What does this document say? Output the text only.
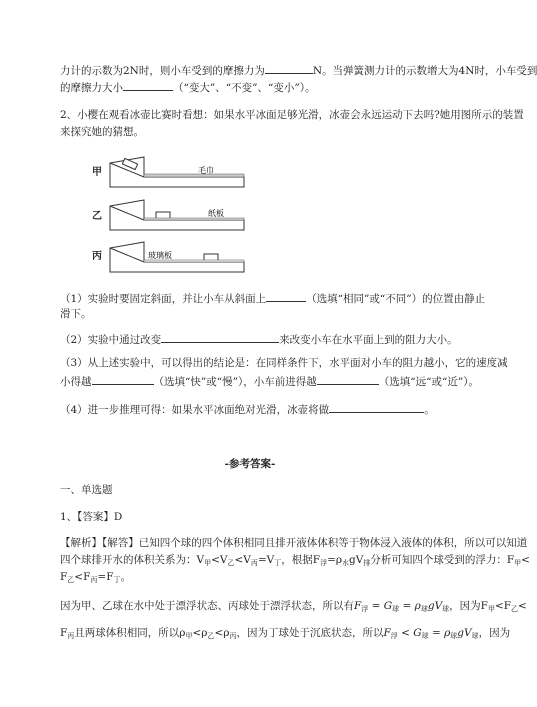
力计的示数为2N时，则小车受到的摩擦力为	N。当弹簧测力计的示数增大为4N时，小车受到
的摩擦力大小	（“变大”、“不变”、“变小”）。
2、小樱在观看冰壶比赛时看想：如果水平冰面足够光滑，冰壶会永远运动下去吗?她用图所示的装置
来探究她的猜想。
甲
乙
丙
毛巾
纸板
玻璃板
（1）实验时要固定斜面，并让小车从斜面上	（选填“相同”或“不同”）的位置由静止
滑下。
（2）实验中通过改变	来改变小车在水平面上到的阻力大小。
（3）从上述实验中，可以得出的结论是：在同样条件下，水平面对小车的阻力越小，它的速度减
小得越	（选填“快”或“慢”），小车前进得越	（选填“远“或“近”）。
（4）进一步推理可得：如果水平冰面绝对光滑，冰壶将做	。
-参考答案-
一、单选题
1、【答案】D
【解析】【解答】已知四个球的四个体积相同且排开液体体积等于物体浸入液体的体积，所以可以知道
四个球排开水的体积关系为：$V_甲<V_乙<V_丙=V_丁$，根据$F_浮=\rho_水gV_排$分析可知四个球受到的浮力：$F_甲<$
$F_乙<F_丙=F_丁$。
因为甲、乙球在水中处于漂浮状态、丙球处于漂浮状态，所以有$F_浮 = G_球 = \rho_球gV_球$，因为$F_甲<F_乙<$
$F_丙$且两球体积相同，所以$\rho_甲<\rho_乙<\rho_丙$，因为丁球处于沉底状态，所以$F_浮 < G_球 = \rho_球gV_球$，因为
